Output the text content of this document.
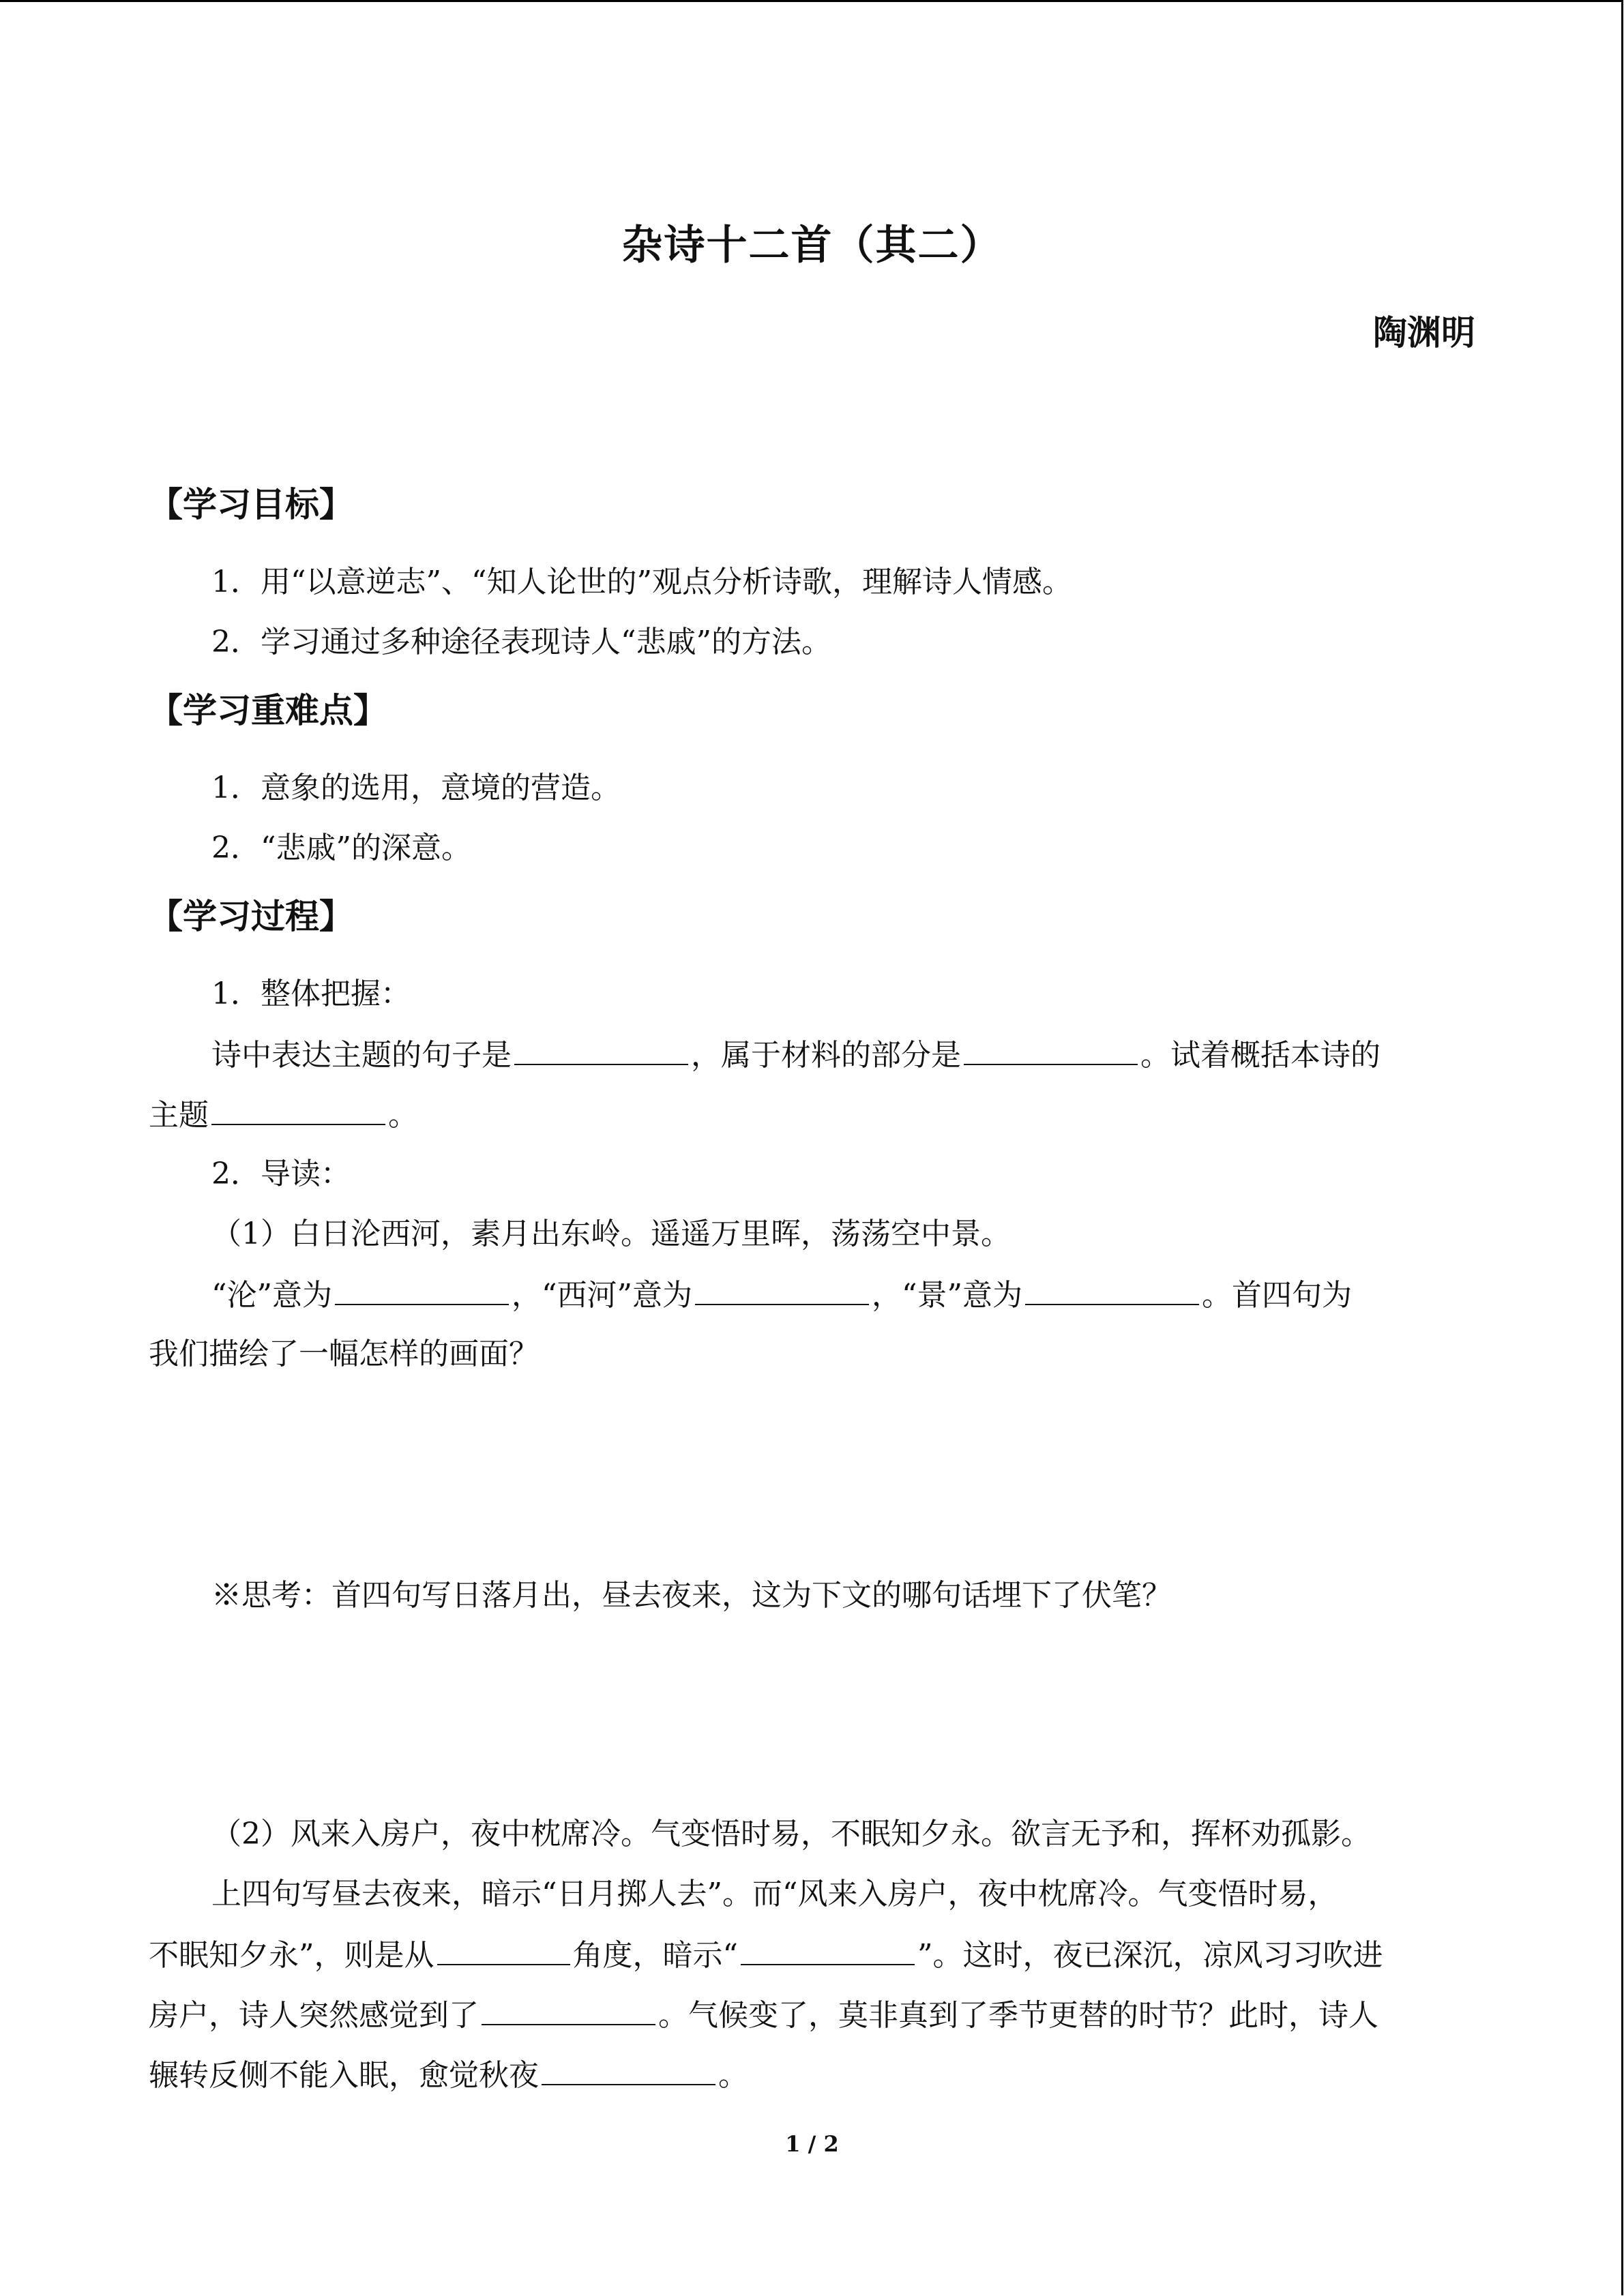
杂诗十二首（其二）
陶渊明
【学习目标】
1．用“以意逆志”、“知人论世的”观点分析诗歌，理解诗人情感。
2．学习通过多种途径表现诗人“悲戚”的方法。
【学习重难点】
1．意象的选用，意境的营造。
2．“悲戚”的深意。
【学习过程】
1．整体把握：
诗中表达主题的句子是	，属于材料的部分是	。试着概括本诗的
主题	。
2．导读：
（1）白日沦西河，素月出东岭。遥遥万里晖，荡荡空中景。
“沦”意为	，“西河”意为	，“景”意为	。首四句为
我们描绘了一幅怎样的画面？
※思考：首四句写日落月出，昼去夜来，这为下文的哪句话埋下了伏笔？
（2）风来入房户，夜中枕席冷。气变悟时易，不眠知夕永。欲言无予和，挥杯劝孤影。
上四句写昼去夜来，暗示“日月掷人去”。而“风来入房户，夜中枕席冷。气变悟时易，
不眠知夕永”，则是从	角度，暗示“	”。这时，夜已深沉，凉风习习吹进
房户，诗人突然感觉到了	。气候变了，莫非真到了季节更替的时节？此时，诗人
辗转反侧不能入眠，愈觉秋夜	。
1 / 2
